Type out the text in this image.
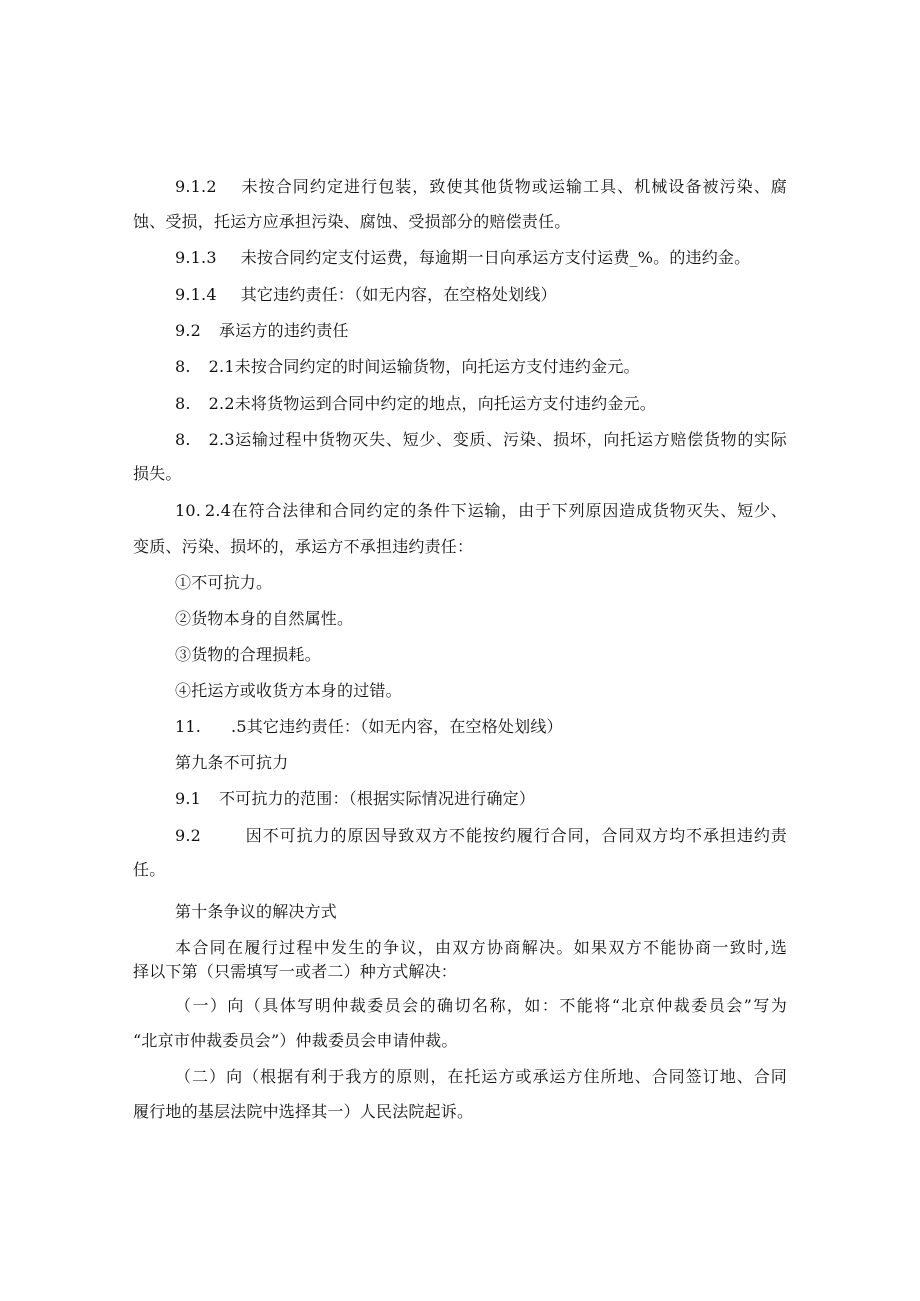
9.1.2 未按合同约定进行包装，致使其他货物或运输工具、机械设备被污染、腐
蚀、受损，托运方应承担污染、腐蚀、受损部分的赔偿责任。
9.1.3 未按合同约定支付运费，每逾期一日向承运方支付运费_%。的违约金。
9.1.4 其它违约责任：（如无内容，在空格处划线）
9.2 承运方的违约责任
8. 2.1未按合同约定的时间运输货物，向托运方支付违约金元。
8. 2.2未将货物运到合同中约定的地点，向托运方支付违约金元。
8. 2.3运输过程中货物灭失、短少、变质、污染、损坏，向托运方赔偿货物的实际
损失。
10. 2.4在符合法律和合同约定的条件下运输，由于下列原因造成货物灭失、短少、
变质、污染、损坏的，承运方不承担违约责任：
①不可抗力。
②货物本身的自然属性。
③货物的合理损耗。
④托运方或收货方本身的过错。
11. .5其它违约责任：（如无内容，在空格处划线）
第九条不可抗力
9.1 不可抗力的范围：（根据实际情况进行确定）
9.2	因不可抗力的原因导致双方不能按约履行合同，合同双方均不承担违约责
任。
第十条争议的解决方式
本合同在履行过程中发生的争议，由双方协商解决。如果双方不能协商一致时,选
择以下第（只需填写一或者二）种方式解决：
（一）向（具体写明仲裁委员会的确切名称，如：不能将“北京仲裁委员会”写为
“北京市仲裁委员会”）仲裁委员会申请仲裁。
（二）向（根据有利于我方的原则，在托运方或承运方住所地、合同签订地、合同
履行地的基层法院中选择其一）人民法院起诉。
